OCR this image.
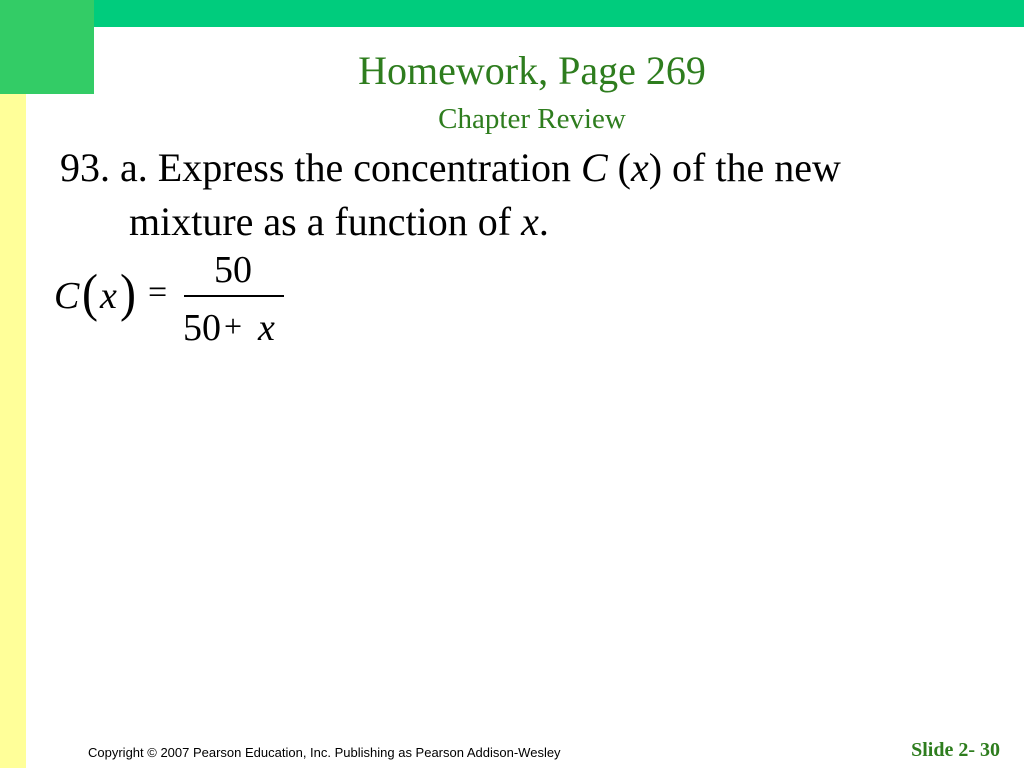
Homework, Page 269
Chapter Review
93. a. Express the concentration C (x) of the new
mixture as a function of x.
C ( x ) =
50
50 + x
Copyright © 2007 Pearson Education, Inc. Publishing as Pearson Addison-Wesley	Slide 2- 30
